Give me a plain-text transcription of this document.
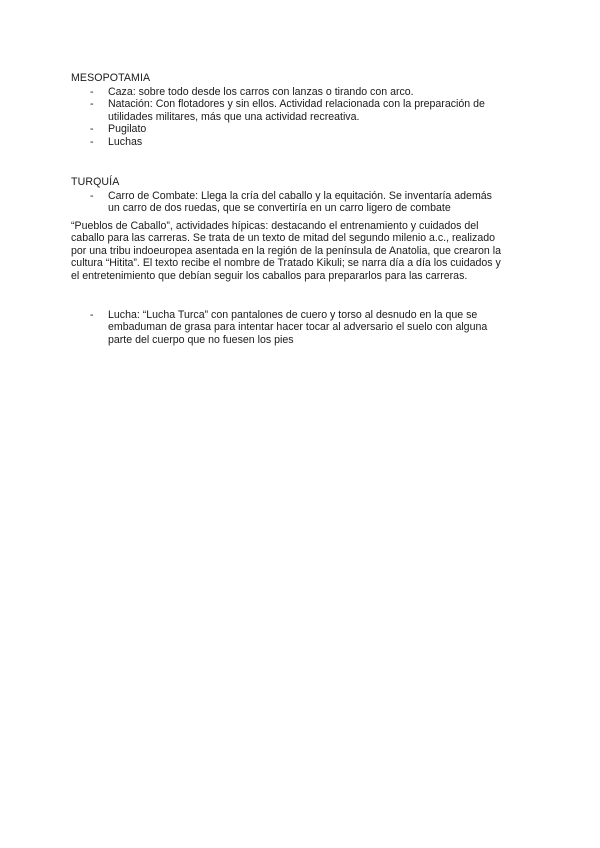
MESOPOTAMIA
- Caza: sobre todo desde los carros con lanzas o tirando con arco.
- Natación: Con flotadores y sin ellos. Actividad relacionada con la preparación de utilidades militares, más que una actividad recreativa.
- Pugilato
- Luchas
TURQUÍA
- Carro de Combate: Llega la cría del caballo y la equitación. Se inventaría además un carro de dos ruedas, que se convertiría en un carro ligero de combate

“Pueblos de Caballo”, actividades hípicas: destacando el entrenamiento y cuidados del caballo para las carreras. Se trata de un texto de mitad del segundo milenio a.c., realizado por una tribu indoeuropea asentada en la región de la península de Anatolia, que crearon la cultura “Hitita”. El texto recibe el nombre de Tratado Kikuli; se narra día a día los cuidados y el entretenimiento que debían seguir los caballos para prepararlos para las carreras.

- Lucha: “Lucha Turca” con pantalones de cuero y torso al desnudo en la que se embaduman de grasa para intentar hacer tocar al adversario el suelo con alguna parte del cuerpo que no fuesen los pies
